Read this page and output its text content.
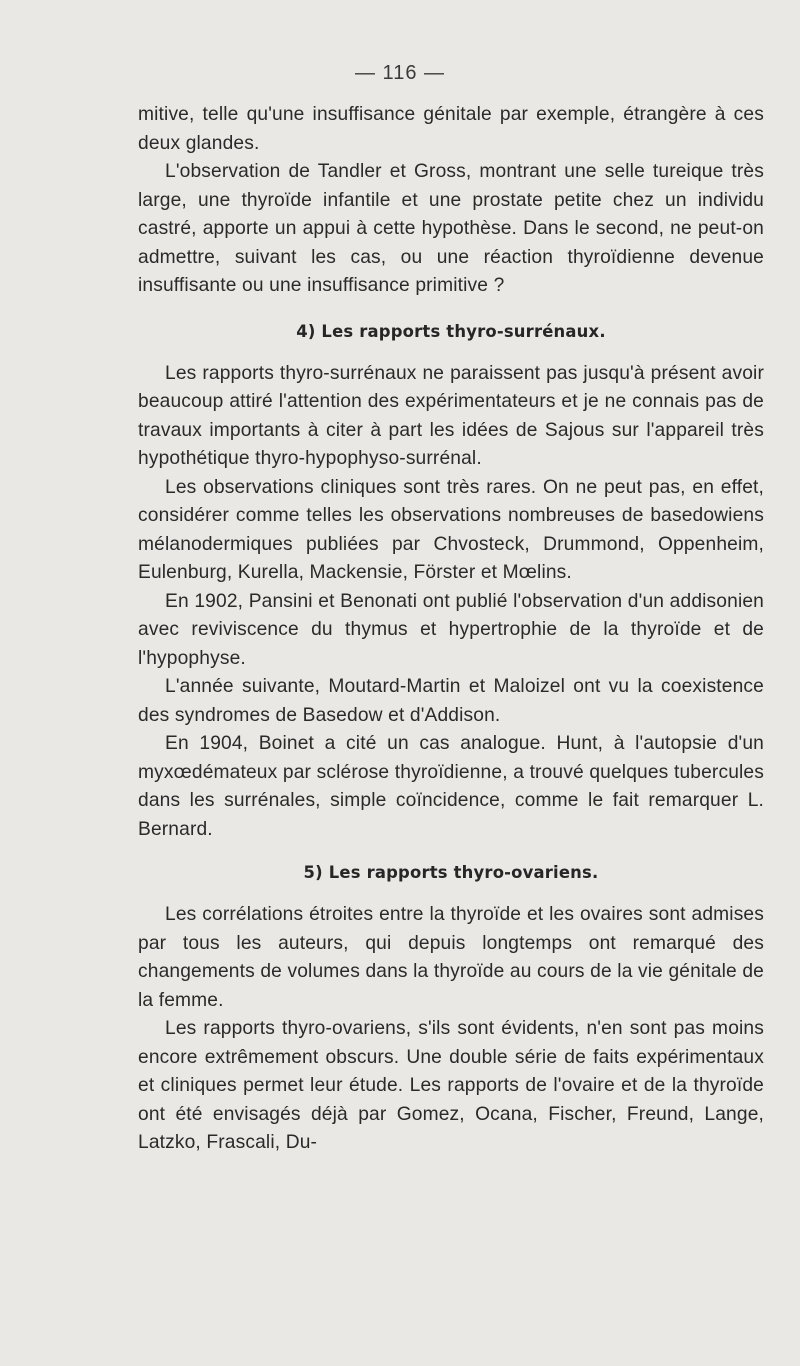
— 116 —

mitive, telle qu'une insuffisance génitale par exemple, étrangère à ces deux glandes.

L'observation de Tandler et Gross, montrant une selle tureique très large, une thyroïde infantile et une prostate petite chez un individu castré, apporte un appui à cette hypothèse. Dans le second, ne peut-on admettre, suivant les cas, ou une réaction thyroïdienne devenue insuffisante ou une insuffisance primitive ?

4) Les rapports thyro-surrénaux.

Les rapports thyro-surrénaux ne paraissent pas jusqu'à présent avoir beaucoup attiré l'attention des expérimentateurs et je ne connais pas de travaux importants à citer à part les idées de Sajous sur l'appareil très hypothétique thyro-hypophyso-surrénal.

Les observations cliniques sont très rares. On ne peut pas, en effet, considérer comme telles les observations nombreuses de basedowiens mélanodermiques publiées par Chvosteck, Drummond, Oppenheim, Eulenburg, Kurella, Mackensie, Förster et Mœlins.

En 1902, Pansini et Benonati ont publié l'observation d'un addisonien avec reviviscence du thymus et hypertrophie de la thyroïde et de l'hypophyse.

L'année suivante, Moutard-Martin et Maloizel ont vu la coexistence des syndromes de Basedow et d'Addison.

En 1904, Boinet a cité un cas analogue. Hunt, à l'autopsie d'un myxœdémateux par sclérose thyroïdienne, a trouvé quelques tubercules dans les surrénales, simple coïncidence, comme le fait remarquer L. Bernard.

5) Les rapports thyro-ovariens.

Les corrélations étroites entre la thyroïde et les ovaires sont admises par tous les auteurs, qui depuis longtemps ont remarqué des changements de volumes dans la thyroïde au cours de la vie génitale de la femme.

Les rapports thyro-ovariens, s'ils sont évidents, n'en sont pas moins encore extrêmement obscurs. Une double série de faits expérimentaux et cliniques permet leur étude. Les rapports de l'ovaire et de la thyroïde ont été envisagés déjà par Gomez, Ocana, Fischer, Freund, Lange, Latzko, Frascali, Du-
